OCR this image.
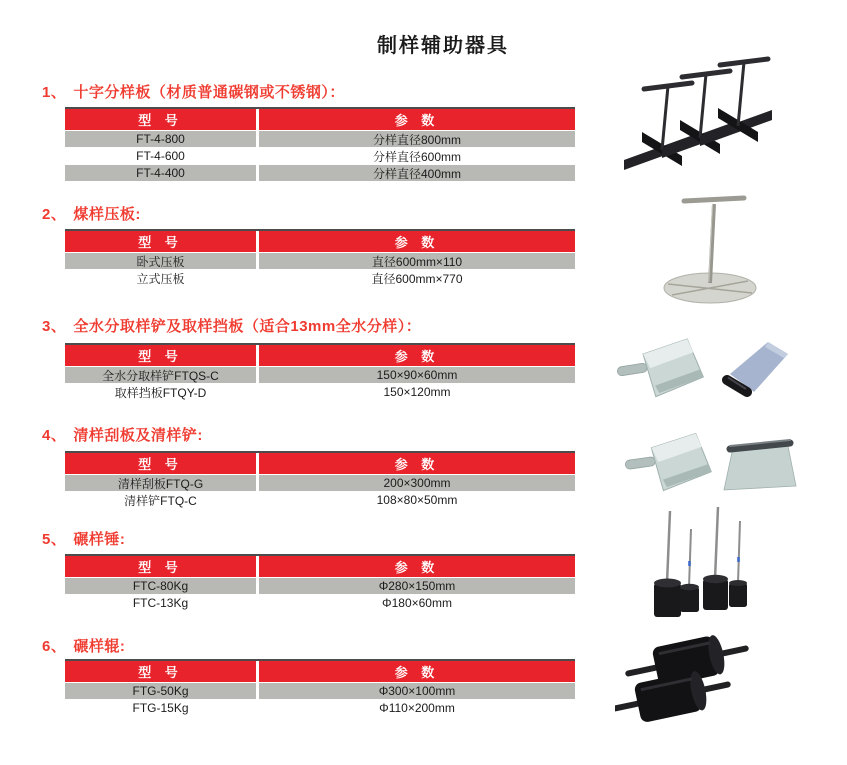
制样辅助器具
1、 十字分样板（材质普通碳钢或不锈钢）：
型 号	参 数
FT-4-800	分样直径800mm
FT-4-600	分样直径600mm
FT-4-400	分样直径400mm
2、 煤样压板:
型 号	参 数
卧式压板	直径600mm×110
立式压板	直径600mm×770
3、 全水分取样铲及取样挡板（适合13mm全水分样）：
型 号	参 数
全水分取样铲FTQS-C	150×90×60mm
取样挡板FTQY-D	150×120mm
4、 清样刮板及清样铲:
型 号	参 数
清样刮板FTQ-G	200×300mm
清样铲FTQ-C	108×80×50mm
5、 碾样锤:
型 号	参 数
FTC-80Kg	Φ280×150mm
FTC-13Kg	Φ180×60mm
6、 碾样辊:
型 号	参 数
FTG-50Kg	Φ300×100mm
FTG-15Kg	Φ110×200mm
